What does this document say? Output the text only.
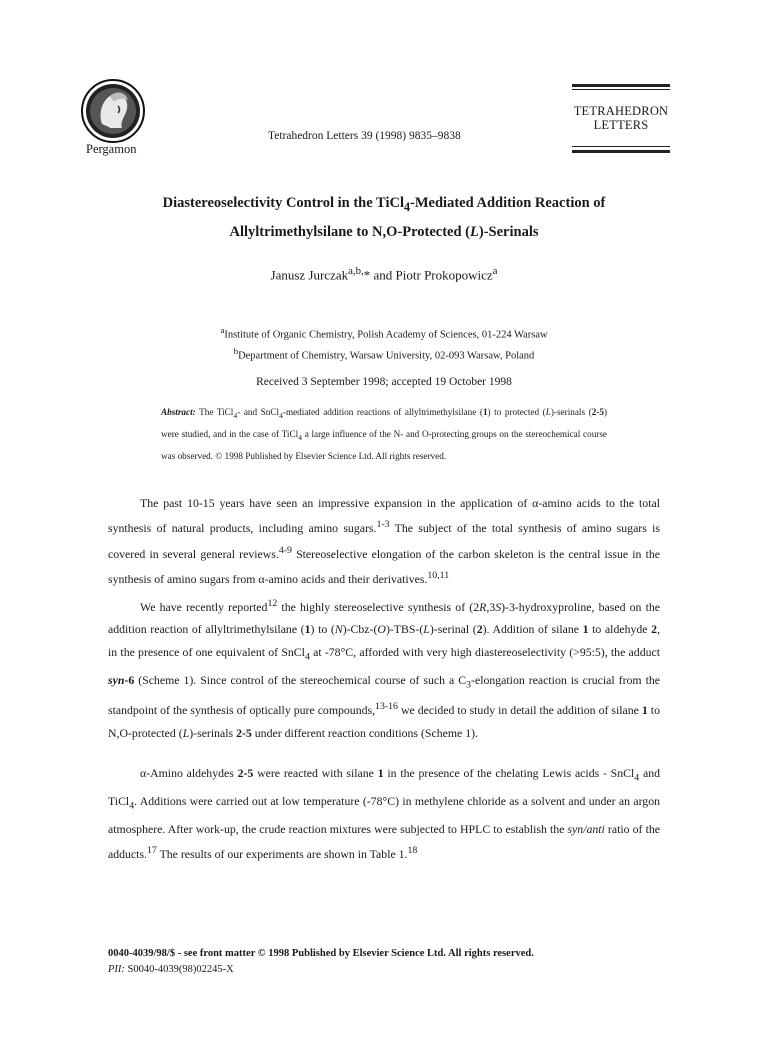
Pergamon
Tetrahedron Letters 39 (1998) 9835–9838
TETRAHEDRON
LETTERS
Diastereoselectivity Control in the TiCl$_4$-Mediated Addition Reaction of
Allyltrimethylsilane to N,O-Protected (L)-Serinals
Janusz Jurczak$^{a,b,}$* and Piotr Prokopowicz$^a$
$^a$Institute of Organic Chemistry, Polish Academy of Sciences, 01-224 Warsaw
$^b$Department of Chemistry, Warsaw University, 02-093 Warsaw, Poland
Received 3 September 1998; accepted 19 October 1998
Abstract: The TiCl$_4$- and SnCl$_4$-mediated addition reactions of allyltrimethylsilane (1) to protected (L)-serinals (2-5) were studied, and in the case of TiCl$_4$ a large influence of the N- and O-protecting groups on the stereochemical course was observed. © 1998 Published by Elsevier Science Ltd. All rights reserved.
The past 10-15 years have seen an impressive expansion in the application of α-amino acids to the total synthesis of natural products, including amino sugars.$^{1-3}$ The subject of the total synthesis of amino sugars is covered in several general reviews.$^{4-9}$ Stereoselective elongation of the carbon skeleton is the central issue in the synthesis of amino sugars from α-amino acids and their derivatives.$^{10,11}$
We have recently reported$^{12}$ the highly stereoselective synthesis of (2R,3S)-3-hydroxyproline, based on the addition reaction of allyltrimethylsilane (1) to (N)-Cbz-(O)-TBS-(L)-serinal (2). Addition of silane 1 to aldehyde 2, in the presence of one equivalent of SnCl$_4$ at -78°C, afforded with very high diastereoselectivity (>95:5), the adduct syn-6 (Scheme 1). Since control of the stereochemical course of such a $C_3$-elongation reaction is crucial from the standpoint of the synthesis of optically pure compounds,$^{13-16}$ we decided to study in detail the addition of silane 1 to N,O-protected (L)-serinals 2-5 under different reaction conditions (Scheme 1).
α-Amino aldehydes 2-5 were reacted with silane 1 in the presence of the chelating Lewis acids - SnCl$_4$ and TiCl$_4$. Additions were carried out at low temperature (-78°C) in methylene chloride as a solvent and under an argon atmosphere. After work-up, the crude reaction mixtures were subjected to HPLC to establish the syn/anti ratio of the adducts.$^{17}$ The results of our experiments are shown in Table 1.18
0040-4039/98/$ - see front matter © 1998 Published by Elsevier Science Ltd. All rights reserved.
PII: S0040-4039(98)02245-X
